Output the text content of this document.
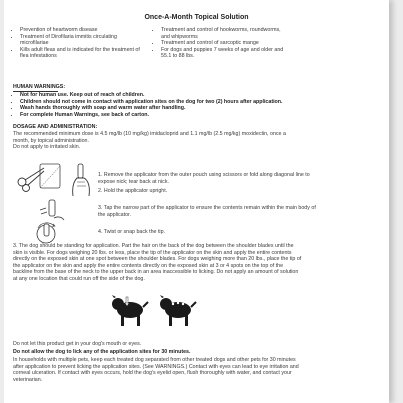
Once-A-Month Topical Solution
• Prevention of heartworm disease
• Treatment of Dirofilaria immitis circulating
microfilariae
• Kills adult fleas and is indicated for the treatment of
flea infestations
• Treatment and control of hookworms, roundworms,
and whipworms
• Treatment and control of sarcoptic mange
• For dogs and puppies 7 weeks of age and older and
55.1 to 88 lbs.
HUMAN WARNINGS:
• Not for human use. Keep out of reach of children.
• Children should not come in contact with application sites on the dog for two (2) hours after application.
• Wash hands thoroughly with soap and warm water after handling.
• For complete Human Warnings, see back of carton.
DOSAGE AND ADMINISTRATION:
The recommended minimum dose is 4.5 mg/lb (10 mg/kg) imidacloprid and 1.1 mg/lb (2.5 mg/kg) moxidectin, once a
month, by topical administration.
Do not apply to irritated skin.
1. Remove the applicator from the outer pouch using scissors or fold along diagonal line to
expose nick; tear back at nick.
2. Hold the applicator upright.
3. Tap the narrow part of the applicator to ensure the contents remain within the main body of
the applicator.
4. Twist or snap back the tip.
3. The dog should be standing for application. Part the hair on the back of the dog between the shoulder blades until the
skin is visible. For dogs weighing 20 lbs. or less, place the tip of the applicator on the skin and apply the entire contents
directly on the exposed skin at one spot between the shoulder blades. For dogs weighing more than 20 lbs., place the tip of
the applicator on the skin and apply the entire contents directly on the exposed skin at 3 or 4 spots on the top of the
backline from the base of the neck to the upper back in an area inaccessible to licking. Do not apply an amount of solution
at any one location that could run off the side of the dog.
Do not let this product get in your dog's mouth or eyes.
Do not allow the dog to lick any of the application sites for 30 minutes.
In households with multiple pets, keep each treated dog separated from other treated dogs and other pets for 30 minutes
after application to prevent licking the application sites. (See WARNINGS.) Contact with eyes can lead to eye irritation and
corneal ulceration. If contact with eyes occurs, hold the dog's eyelid open, flush thoroughly with water, and contact your
veterinarian.
